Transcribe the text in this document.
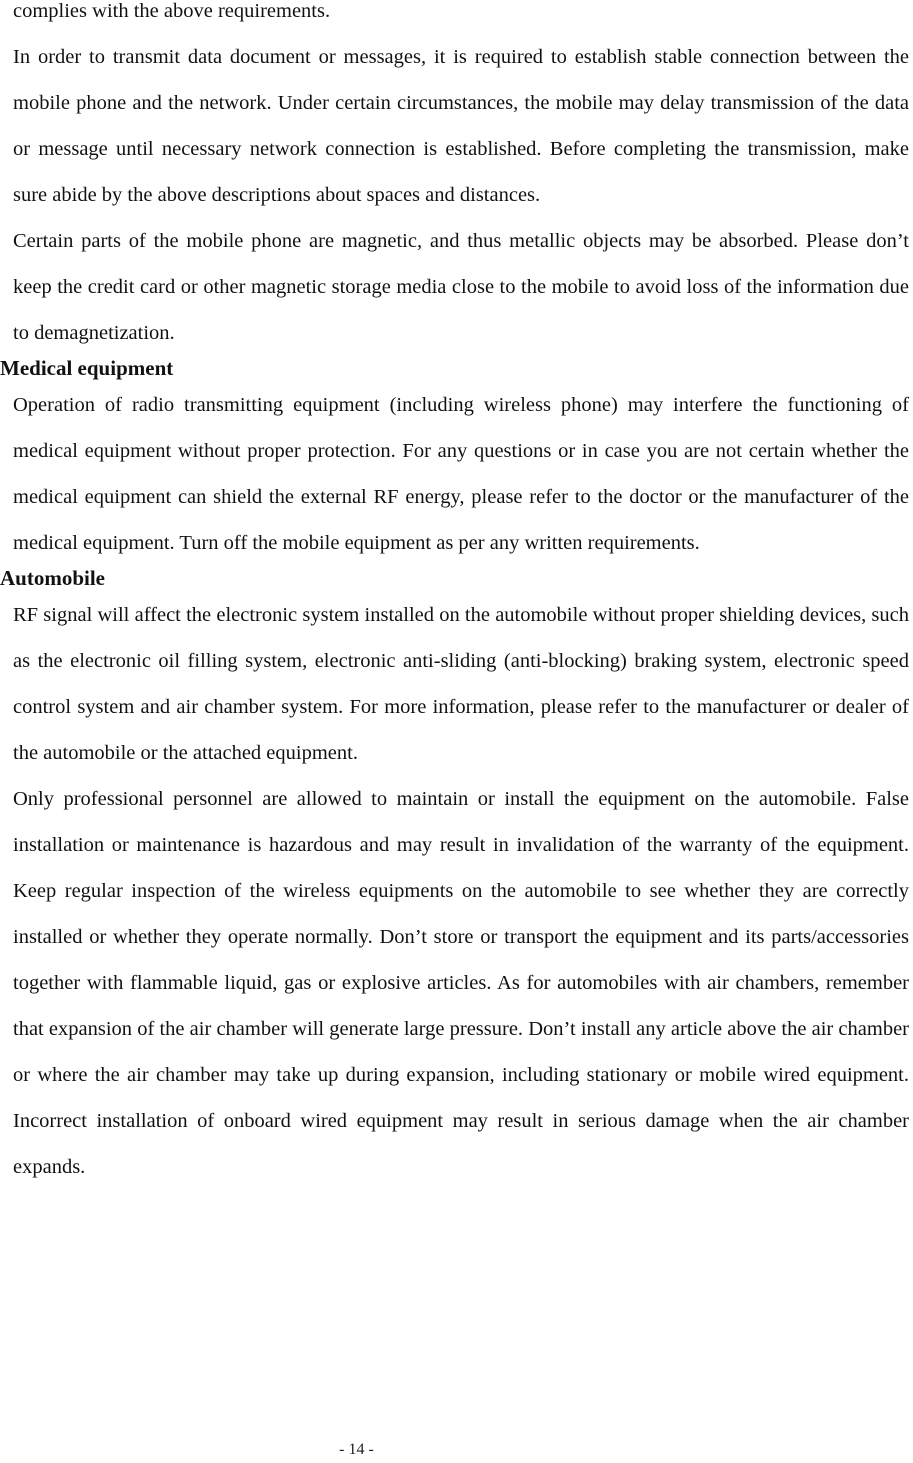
complies with the above requirements.

In order to transmit data document or messages, it is required to establish stable connection between the mobile phone and the network. Under certain circumstances, the mobile may delay transmission of the data or message until necessary network connection is established. Before completing the transmission, make sure abide by the above descriptions about spaces and distances.

Certain parts of the mobile phone are magnetic, and thus metallic objects may be absorbed. Please don’t keep the credit card or other magnetic storage media close to the mobile to avoid loss of the information due to demagnetization.

Medical equipment

Operation of radio transmitting equipment (including wireless phone) may interfere the functioning of medical equipment without proper protection. For any questions or in case you are not certain whether the medical equipment can shield the external RF energy, please refer to the doctor or the manufacturer of the medical equipment. Turn off the mobile equipment as per any written requirements.

Automobile

RF signal will affect the electronic system installed on the automobile without proper shielding devices, such as the electronic oil filling system, electronic anti-sliding (anti-blocking) braking system, electronic speed control system and air chamber system. For more information, please refer to the manufacturer or dealer of the automobile or the attached equipment.

Only professional personnel are allowed to maintain or install the equipment on the automobile. False installation or maintenance is hazardous and may result in invalidation of the warranty of the equipment. Keep regular inspection of the wireless equipments on the automobile to see whether they are correctly installed or whether they operate normally. Don’t store or transport the equipment and its parts/accessories together with flammable liquid, gas or explosive articles. As for automobiles with air chambers, remember that expansion of the air chamber will generate large pressure. Don’t install any article above the air chamber or where the air chamber may take up during expansion, including stationary or mobile wired equipment. Incorrect installation of onboard wired equipment may result in serious damage when the air chamber expands.

- 14 -
